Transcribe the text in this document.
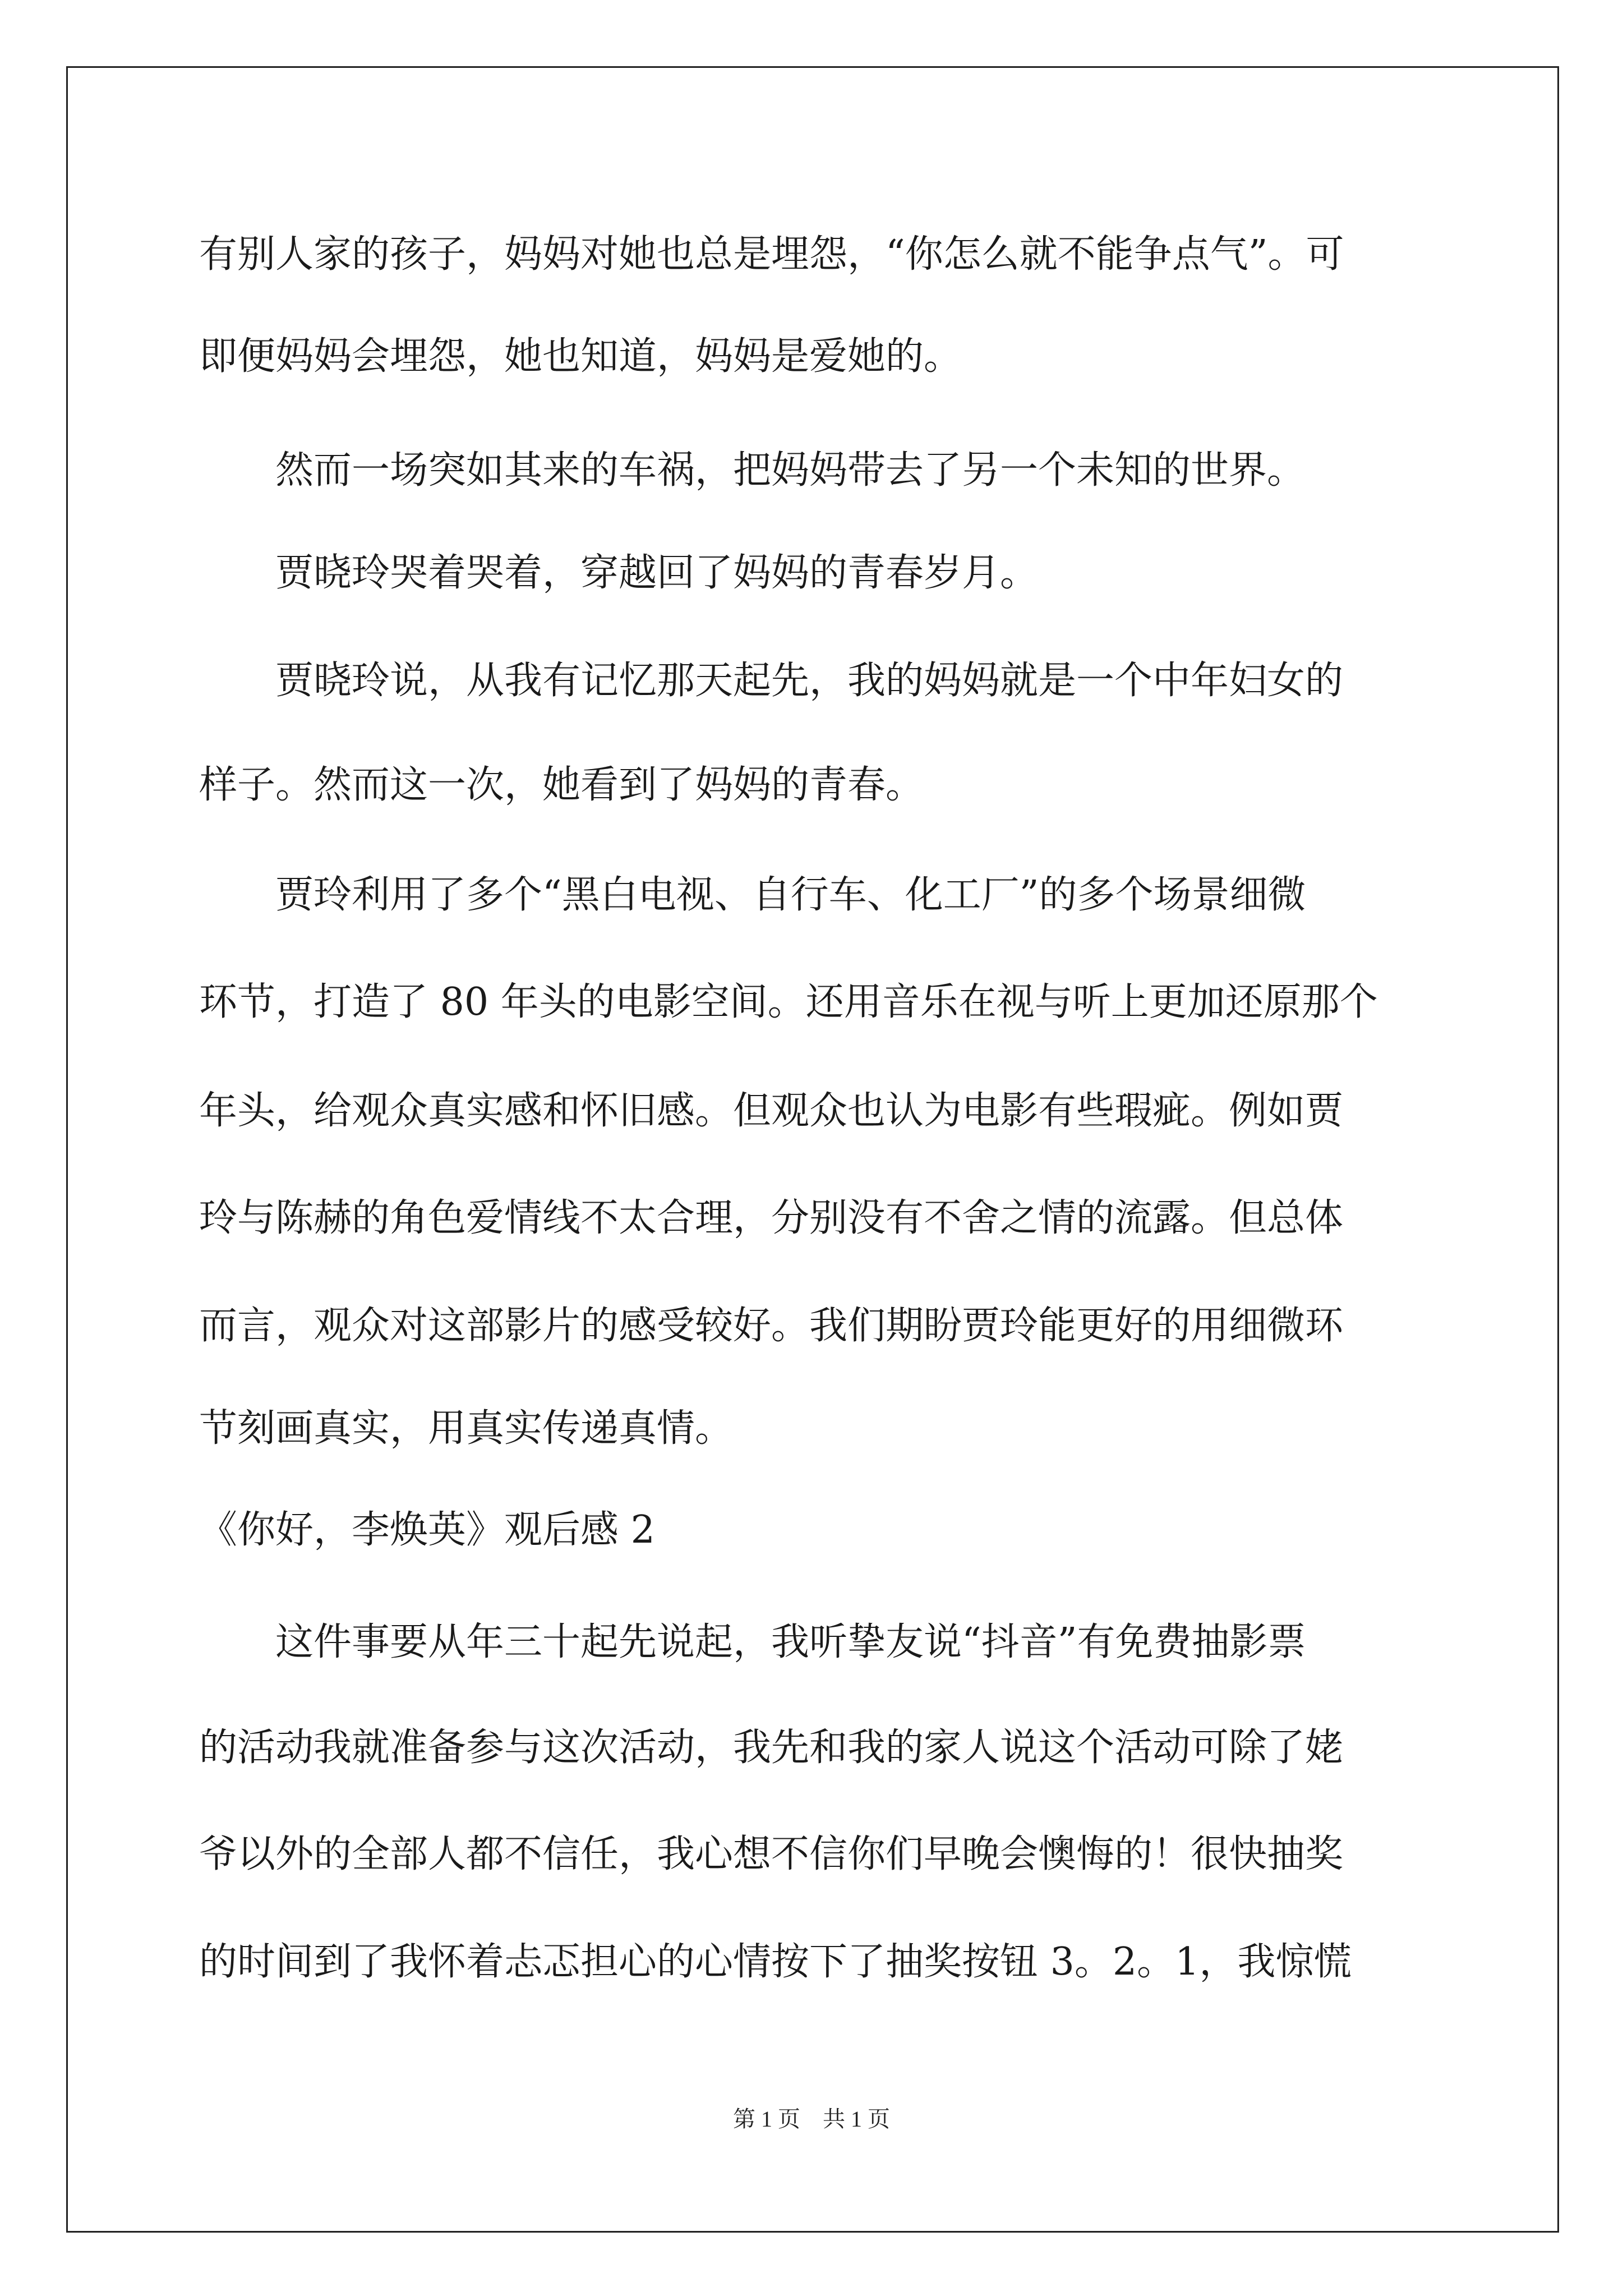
有别人家的孩子，妈妈对她也总是埋怨，“你怎么就不能争点气”。可
即便妈妈会埋怨，她也知道，妈妈是爱她的。
　　然而一场突如其来的车祸，把妈妈带去了另一个未知的世界。
　　贾晓玲哭着哭着，穿越回了妈妈的青春岁月。
　　贾晓玲说，从我有记忆那天起先，我的妈妈就是一个中年妇女的
样子。然而这一次，她看到了妈妈的青春。
　　贾玲利用了多个“黑白电视、自行车、化工厂”的多个场景细微
环节，打造了 80 年头的电影空间。还用音乐在视与听上更加还原那个
年头，给观众真实感和怀旧感。但观众也认为电影有些瑕疵。例如贾
玲与陈赫的角色爱情线不太合理，分别没有不舍之情的流露。但总体
而言，观众对这部影片的感受较好。我们期盼贾玲能更好的用细微环
节刻画真实，用真实传递真情。
《你好，李焕英》观后感 2
　　这件事要从年三十起先说起，我听挚友说“抖音”有免费抽影票
的活动我就准备参与这次活动，我先和我的家人说这个活动可除了姥
爷以外的全部人都不信任，我心想不信你们早晚会懊悔的！很快抽奖
的时间到了我怀着忐忑担心的心情按下了抽奖按钮 3。2。1，我惊慌
第 1 页　共 1 页
